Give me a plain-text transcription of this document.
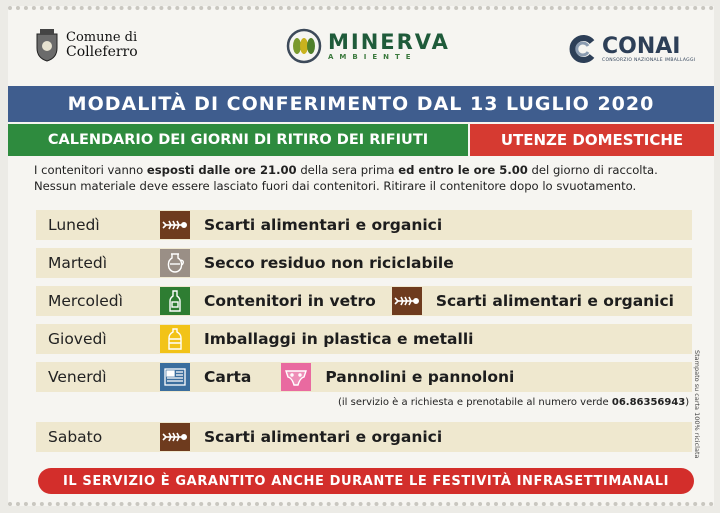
Comune di
Colleferro	MINERVA
AMBIENTE	CONAI
CONSORZIO NAZIONALE IMBALLAGGI
MODALITÀ DI CONFERIMENTO DAL 13 LUGLIO 2020
CALENDARIO DEI GIORNI DI RITIRO DEI RIFIUTI	UTENZE DOMESTICHE
I contenitori vanno esposti dalle ore 21.00 della sera prima ed entro le ore 5.00 del giorno di raccolta.
Nessun materiale deve essere lasciato fuori dai contenitori. Ritirare il contenitore dopo lo svuotamento.
Lunedì	Scarti alimentari e organici
Martedì	Secco residuo non riciclabile
Mercoledì	Contenitori in vetro	Scarti alimentari e organici
Giovedì	Imballaggi in plastica e metalli
Venerdì	Carta	Pannolini e pannoloni
(il servizio è a richiesta e prenotabile al numero verde 06.86356943)
Sabato	Scarti alimentari e organici
IL SERVIZIO È GARANTITO ANCHE DURANTE LE FESTIVITÀ INFRASETTIMANALI
Stampato su carta 100% riciclata
